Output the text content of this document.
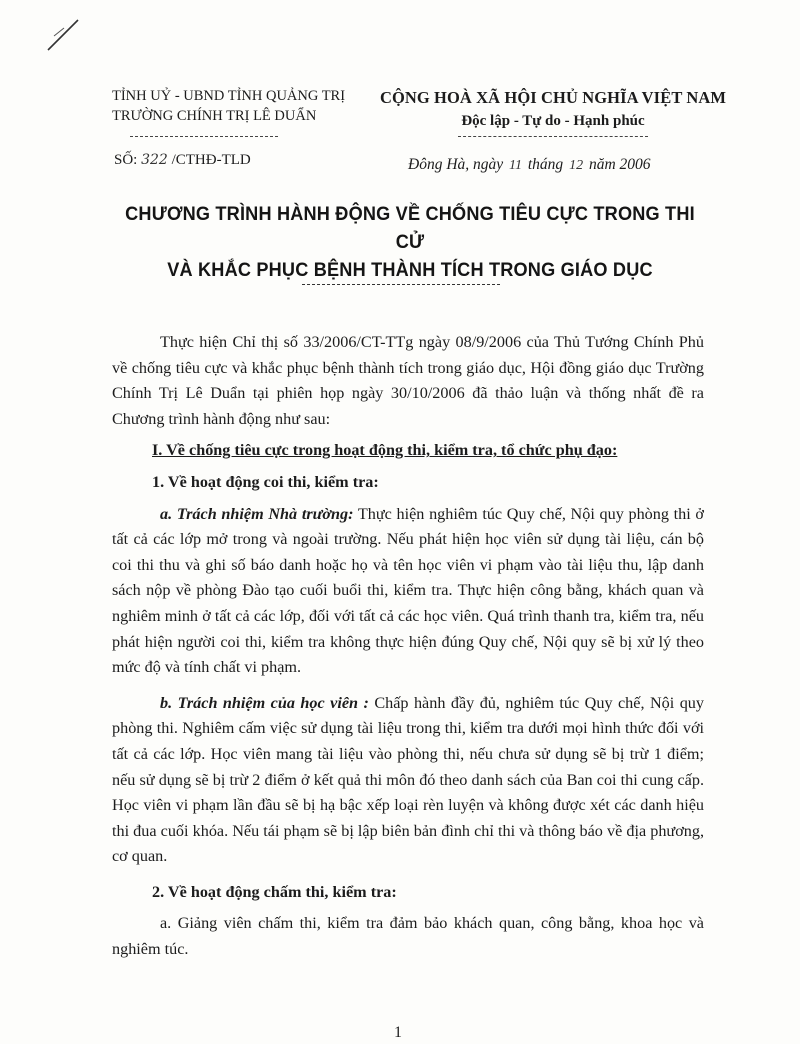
TỈNH UỶ - UBND TỈNH QUẢNG TRỊ
TRƯỜNG CHÍNH TRỊ LÊ DUẨN
CỘNG HOÀ XÃ HỘI CHỦ NGHĨA VIỆT NAM
Độc lập - Tự do - Hạnh phúc
SỐ: 322 /CTHĐ-TLD	Đông Hà, ngày 11 tháng 12 năm 2006
CHƯƠNG TRÌNH HÀNH ĐỘNG VỀ CHỐNG TIÊU CỰC TRONG THI CỬ
VÀ KHẮC PHỤC BỆNH THÀNH TÍCH TRONG GIÁO DỤC

Thực hiện Chỉ thị số 33/2006/CT-TTg ngày 08/9/2006 của Thủ Tướng Chính Phủ về chống tiêu cực và khắc phục bệnh thành tích trong giáo dục, Hội đồng giáo dục Trường Chính Trị Lê Duẩn tại phiên họp ngày 30/10/2006 đã thảo luận và thống nhất đề ra Chương trình hành động như sau:

I. Về chống tiêu cực trong hoạt động thi, kiểm tra, tổ chức phụ đạo:

1. Về hoạt động coi thi, kiểm tra:

a. Trách nhiệm Nhà trường: Thực hiện nghiêm túc Quy chế, Nội quy phòng thi ở tất cả các lớp mở trong và ngoài trường. Nếu phát hiện học viên sử dụng tài liệu, cán bộ coi thi thu và ghi số báo danh hoặc họ và tên học viên vi phạm vào tài liệu thu, lập danh sách nộp về phòng Đào tạo cuối buổi thi, kiểm tra. Thực hiện công bằng, khách quan và nghiêm minh ở tất cả các lớp, đối với tất cả các học viên. Quá trình thanh tra, kiểm tra, nếu phát hiện người coi thi, kiểm tra không thực hiện đúng Quy chế, Nội quy sẽ bị xử lý theo mức độ và tính chất vi phạm.

b. Trách nhiệm của học viên : Chấp hành đầy đủ, nghiêm túc Quy chế, Nội quy phòng thi. Nghiêm cấm việc sử dụng tài liệu trong thi, kiểm tra dưới mọi hình thức đối với tất cả các lớp. Học viên mang tài liệu vào phòng thi, nếu chưa sử dụng sẽ bị trừ 1 điểm; nếu sử dụng sẽ bị trừ 2 điểm ở kết quả thi môn đó theo danh sách của Ban coi thi cung cấp. Học viên vi phạm lần đầu sẽ bị hạ bậc xếp loại rèn luyện và không được xét các danh hiệu thi đua cuối khóa. Nếu tái phạm sẽ bị lập biên bản đình chỉ thi và thông báo về địa phương, cơ quan.

2. Về hoạt động chấm thi, kiểm tra:

a. Giảng viên chấm thi, kiểm tra đảm bảo khách quan, công bằng, khoa học và nghiêm túc.

1
